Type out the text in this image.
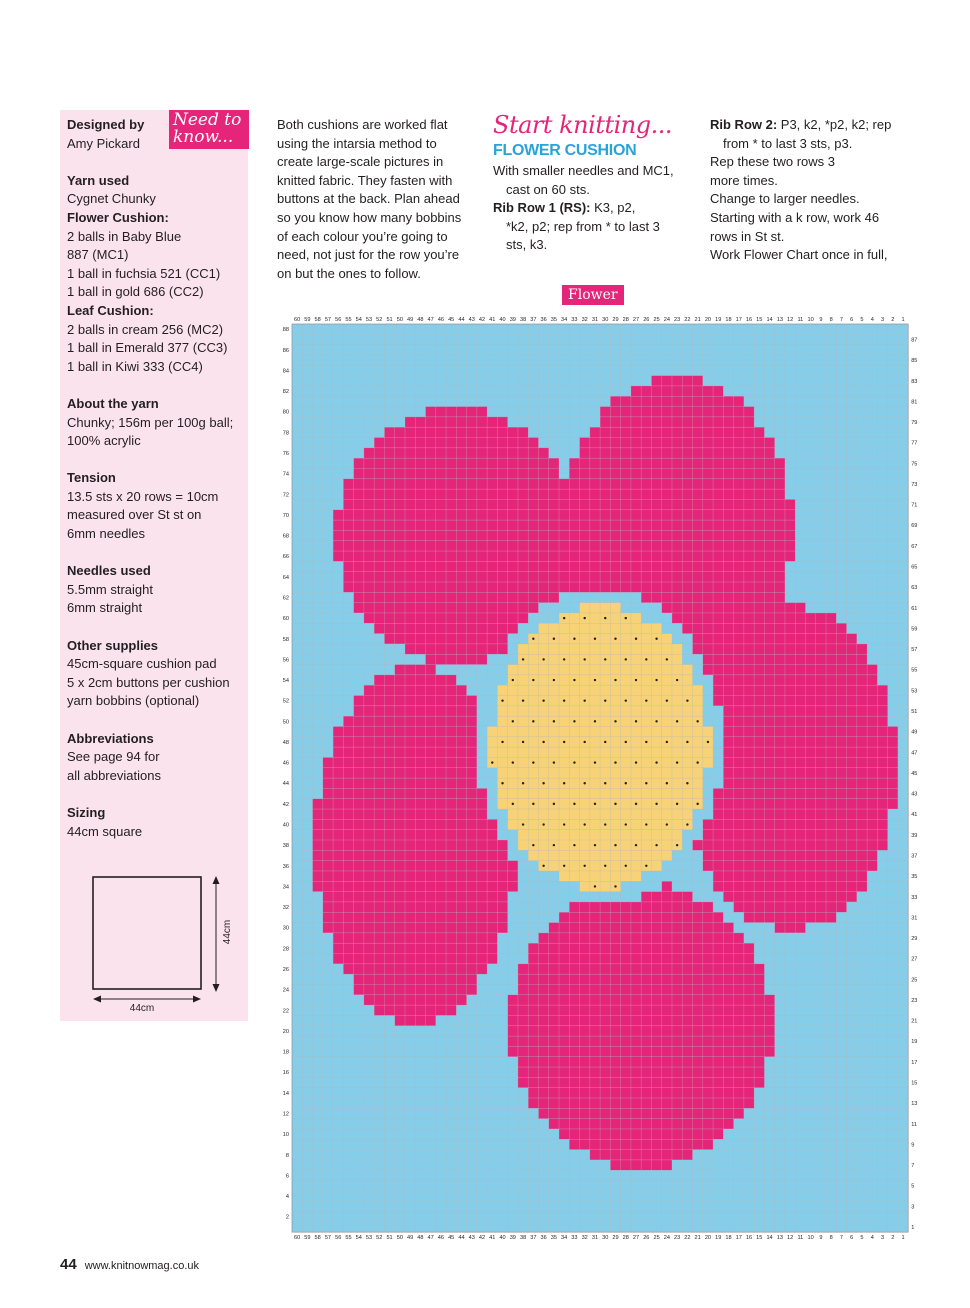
Designed by
Amy Pickard
Yarn used
Cygnet Chunky
Flower Cushion:
2 balls in Baby Blue
887 (MC1)
1 ball in fuchsia 521 (CC1)
1 ball in gold 686 (CC2)
Leaf Cushion:
2 balls in cream 256 (MC2)
1 ball in Emerald 377 (CC3)
1 ball in Kiwi 333 (CC4)
About the yarn
Chunky; 156m per 100g ball;
100% acrylic
Tension
13.5 sts x 20 rows = 10cm
measured over St st on
6mm needles
Needles used
5.5mm straight
6mm straight
Other supplies
45cm-square cushion pad
5 x 2cm buttons per cushion
yarn bobbins (optional)
Abbreviations
See page 94 for
all abbreviations
Sizing
44cm square
Need to know...
44cm
44cm
Both cushions are worked flat
using the intarsia method to
create large-scale pictures in
knitted fabric. They fasten with
buttons at the back. Plan ahead
so you know how many bobbins
of each colour you’re going to
need, not just for the row you’re
on but the ones to follow.
Start knitting...
FLOWER CUSHION
With smaller needles and MC1,
cast on 60 sts.
Rib Row 1 (RS): K3, p2,
*k2, p2; rep from * to last 3
sts, k3.
Rib Row 2: P3, k2, *p2, k2; rep
from * to last 3 sts, p3.
Rep these two rows 3
more times.
Change to larger needles.
Starting with a k row, work 46
rows in St st.
Work Flower Chart once in full,
Flower
60
60
59
59
58
58
57
57
56
56
55
55
54
54
53
53
52
52
51
51
50
50
49
49
48
48
47
47
46
46
45
45
44
44
43
43
42
42
41
41
40
40
39
39
38
38
37
37
36
36
35
35
34
34
33
33
32
32
31
31
30
30
29
29
28
28
27
27
26
26
25
25
24
24
23
23
22
22
21
21
20
20
19
19
18
18
17
17
16
16
15
15
14
14
13
13
12
12
11
11
10
10
9
9
8
8
7
7
6
6
5
5
4
4
3
3
2
2
1
1
1
2
3
4
5
6
7
8
9
10
11
12
13
14
15
16
17
18
19
20
21
22
23
24
25
26
27
28
29
30
31
32
33
34
35
36
37
38
39
40
41
42
43
44
45
46
47
48
49
50
51
52
53
54
55
56
57
58
59
60
61
62
63
64
65
66
67
68
69
70
71
72
73
74
75
76
77
78
79
80
81
82
83
84
85
86
87
88
44 www.knitnowmag.co.uk
